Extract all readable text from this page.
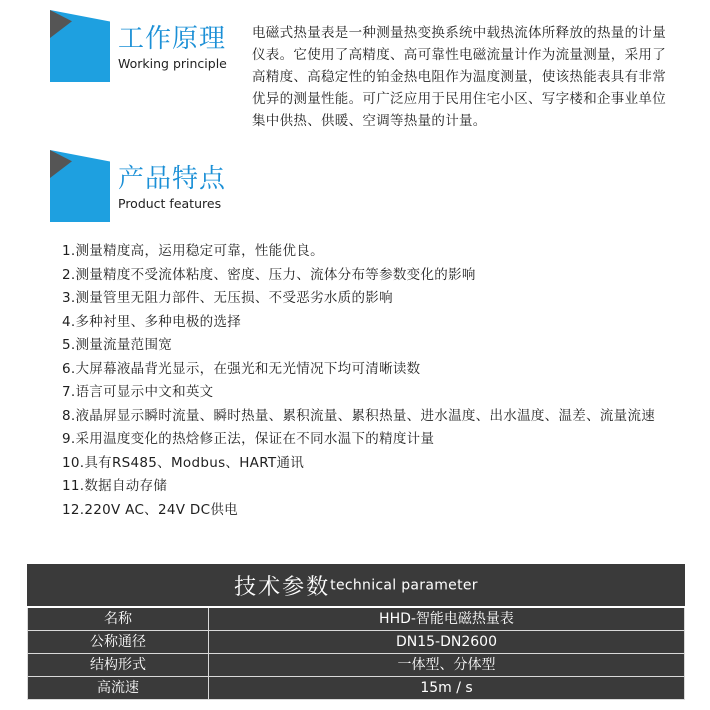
工作原理
Working principle

电磁式热量表是一种测量热变换系统中载热流体所释放的热量的计量仪表。它使用了高精度、高可靠性电磁流量计作为流量测量，采用了高精度、高稳定性的铂金热电阻作为温度测量，使该热能表具有非常优异的测量性能。可广泛应用于民用住宅小区、写字楼和企事业单位集中供热、供暖、空调等热量的计量。

产品特点
Product features
1.测量精度高，运用稳定可靠，性能优良。
2.测量精度不受流体粘度、密度、压力、流体分布等参数变化的影响
3.测量管里无阻力部件、无压损、不受恶劣水质的影响
4.多种衬里、多种电极的选择
5.测量流量范围宽
6.大屏幕液晶背光显示，在强光和无光情况下均可清晰读数
7.语言可显示中文和英文
8.液晶屏显示瞬时流量、瞬时热量、累积流量、累积热量、进水温度、出水温度、温差、流量流速
9.采用温度变化的热焓修正法，保证在不同水温下的精度计量
10.具有RS485、Modbus、HART通讯
11.数据自动存储
12.220V AC、24V DC供电
技术参数technical parameter	
名称	HHD-智能电磁热量表
公称通径	DN15-DN2600
结构形式	一体型、分体型
高流速	15m / s
